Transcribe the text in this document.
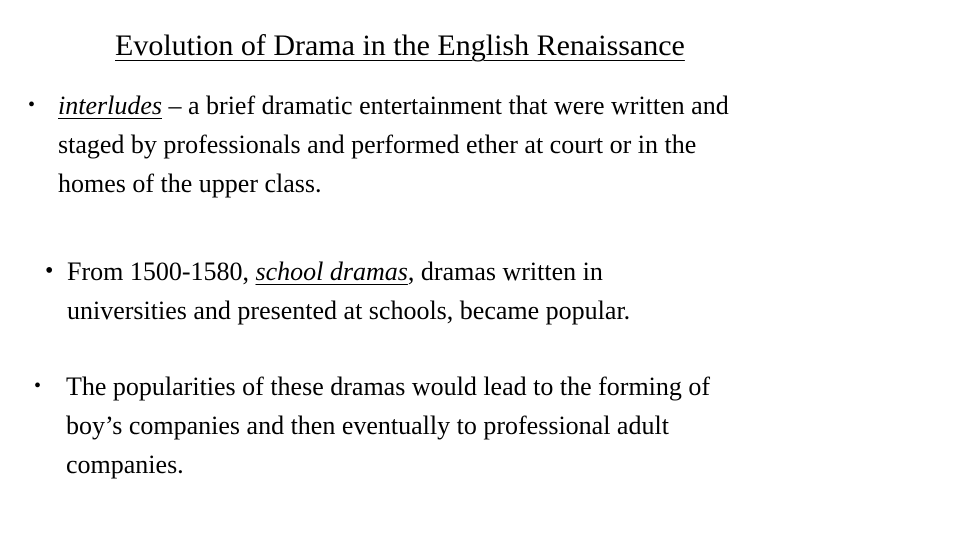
Evolution of Drama in the English Renaissance
• interludes – a brief dramatic entertainment that were written and
staged by professionals and performed ether at court or in the
homes of the upper class.
• From 1500-1580, school dramas, dramas written in
universities and presented at schools, became popular.
• The popularities of these dramas would lead to the forming of
boy’s companies and then eventually to professional adult
companies.
